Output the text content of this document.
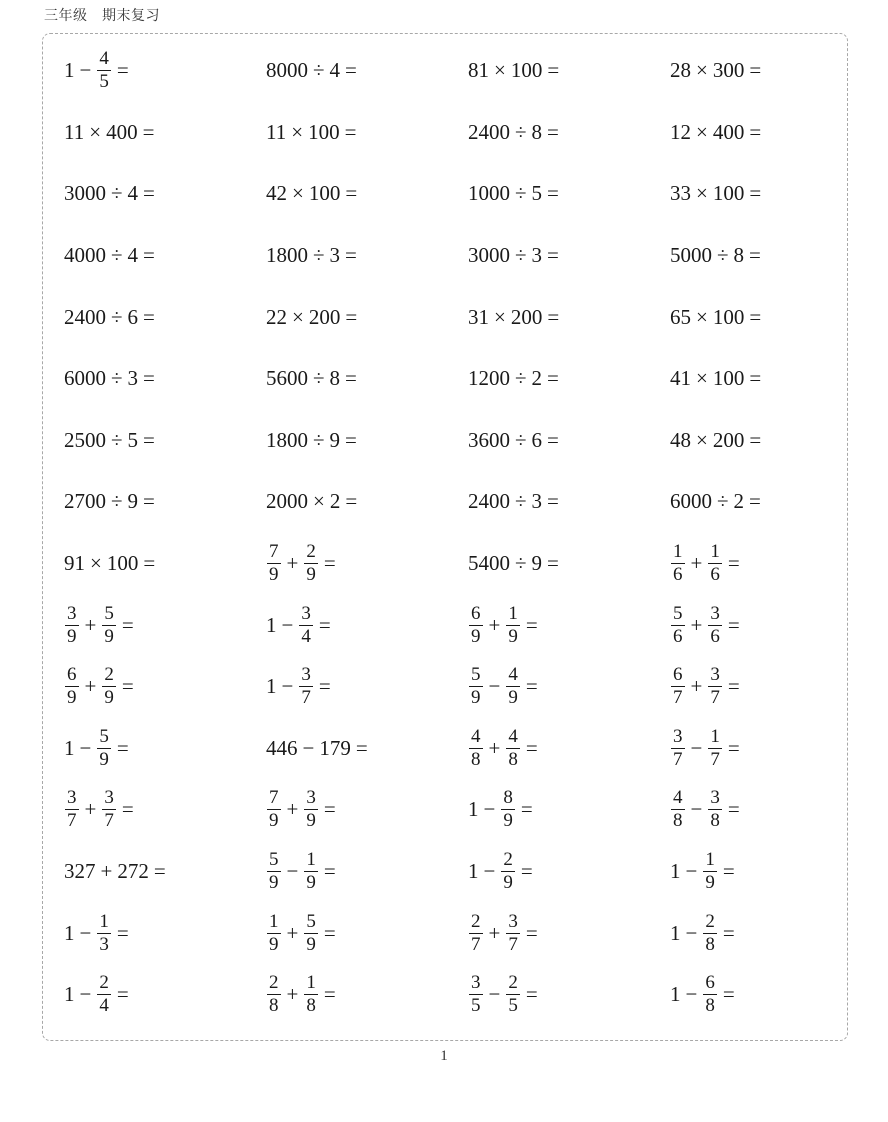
三年级  期末复习
$1 - \frac{4}{5}$ =	8000 ÷ 4 =	81 × 100 =	28 × 300 =
11 × 400 =	11 × 100 =	2400 ÷ 8 =	12 × 400 =
3000 ÷ 4 =	42 × 100 =	1000 ÷ 5 =	33 × 100 =
4000 ÷ 4 =	1800 ÷ 3 =	3000 ÷ 3 =	5000 ÷ 8 =
2400 ÷ 6 =	22 × 200 =	31 × 200 =	65 × 100 =
6000 ÷ 3 =	5600 ÷ 8 =	1200 ÷ 2 =	41 × 100 =
2500 ÷ 5 =	1800 ÷ 9 =	3600 ÷ 6 =	48 × 200 =
2700 ÷ 9 =	2000 × 2 =	2400 ÷ 3 =	6000 ÷ 2 =
91 × 100 =	$\frac{7}{9} + \frac{2}{9}$ =	5400 ÷ 9 =	$\frac{1}{6} + \frac{1}{6}$ =
$\frac{3}{9} + \frac{5}{9}$ =	$1 - \frac{3}{4}$ =	$\frac{6}{9} + \frac{1}{9}$ =	$\frac{5}{6} + \frac{3}{6}$ =
$\frac{6}{9} + \frac{2}{9}$ =	$1 - \frac{3}{7}$ =	$\frac{5}{9} - \frac{4}{9}$ =	$\frac{6}{7} + \frac{3}{7}$ =
$1 - \frac{5}{9}$ =	446 − 179 =	$\frac{4}{8} + \frac{4}{8}$ =	$\frac{3}{7} - \frac{1}{7}$ =
$\frac{3}{7} + \frac{3}{7}$ =	$\frac{7}{9} + \frac{3}{9}$ =	$1 - \frac{8}{9}$ =	$\frac{4}{8} - \frac{3}{8}$ =
327 + 272 =	$\frac{5}{9} - \frac{1}{9}$ =	$1 - \frac{2}{9}$ =	$1 - \frac{1}{9}$ =
$1 - \frac{1}{3}$ =	$\frac{1}{9} + \frac{5}{9}$ =	$\frac{2}{7} + \frac{3}{7}$ =	$1 - \frac{2}{8}$ =
$1 - \frac{2}{4}$ =	$\frac{2}{8} + \frac{1}{8}$ =	$\frac{3}{5} - \frac{2}{5}$ =	$1 - \frac{6}{8}$ =
1
